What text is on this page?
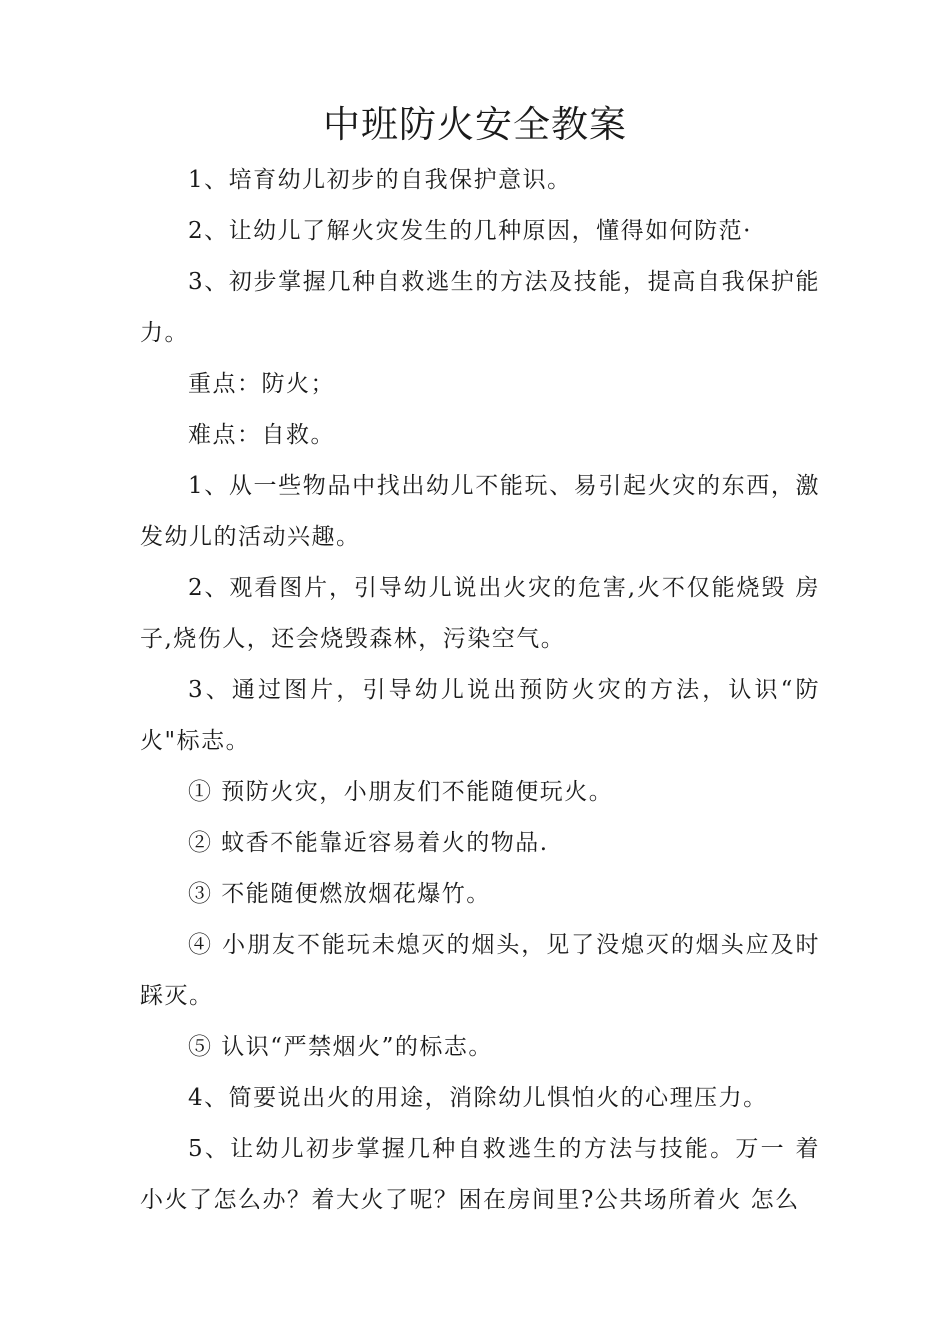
中班防火安全教案

1、培育幼儿初步的自我保护意识。

2、让幼儿了解火灾发生的几种原因，懂得如何防范·

3、初步掌握几种自救逃生的方法及技能，提高自我保护能力。

重点：防火；

难点：自救。

1、从一些物品中找出幼儿不能玩、易引起火灾的东西，激发幼儿的活动兴趣。

2、观看图片，引导幼儿说出火灾的危害,火不仅能烧毁 房子,烧伤人，还会烧毁森林，污染空气。

3、通过图片，引导幼儿说出预防火灾的方法，认识“防火"标志。

① 预防火灾，小朋友们不能随便玩火。

② 蚊香不能靠近容易着火的物品.

③ 不能随便燃放烟花爆竹。

④ 小朋友不能玩未熄灭的烟头，见了没熄灭的烟头应及时踩灭。

⑤ 认识“严禁烟火”的标志。

4、简要说出火的用途，消除幼儿惧怕火的心理压力。

5、让幼儿初步掌握几种自救逃生的方法与技能。万一 着小火了怎么办？着大火了呢？困在房间里?公共场所着火 怎么
